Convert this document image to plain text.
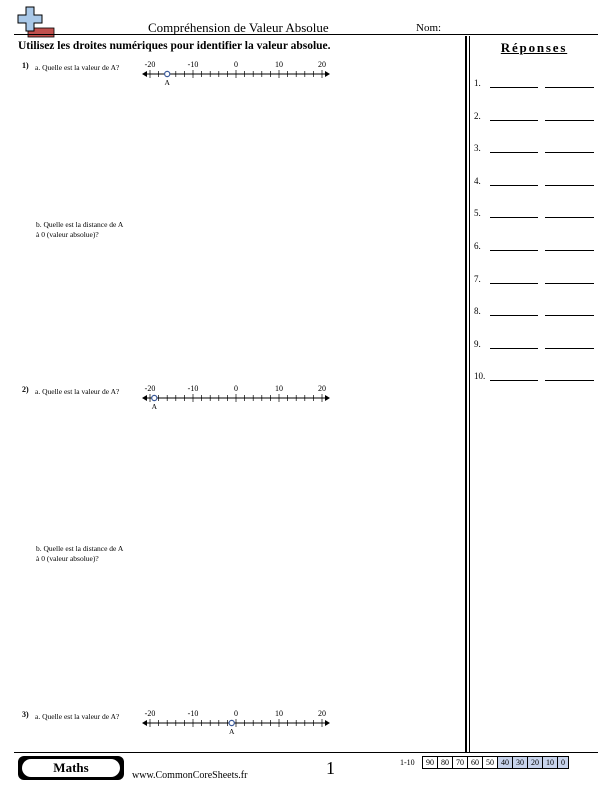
Compréhension de Valeur Absolue	Nom:
Utilisez les droites numériques pour identifier la valeur absolue.	Réponses
1.
2.
3.
4.
5.
6.
7.
8.
9.
10.
1) a. Quelle est la valeur de A?	-20	-10	0	10	20
A
b. Quelle est la distance de A
à 0 (valeur absolue)?
2) a. Quelle est la valeur de A?	-20	-10	0	10	20
A
b. Quelle est la distance de A
à 0 (valeur absolue)?
3) a. Quelle est la valeur de A?	-20	-10	0	10	20
A
Maths
www.CommonCoreSheets.fr	1	1-10 90	80	70	60	50	40	30	20	10	0
